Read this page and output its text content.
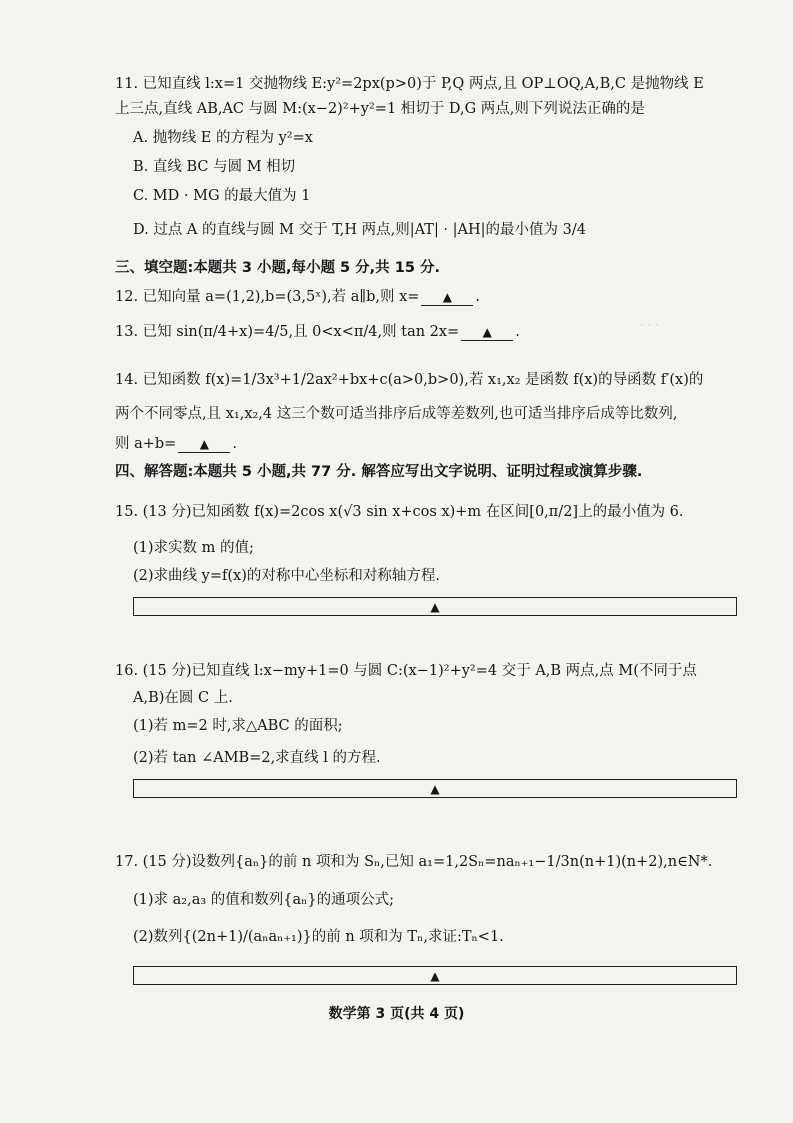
· · ·
11. 已知直线 l:x=1 交抛物线 E:y²=2px(p>0)于 P,Q 两点,且 OP⊥OQ,A,B,C 是抛物线 E
上三点,直线 AB,AC 与圆 M:(x−2)²+y²=1 相切于 D,G 两点,则下列说法正确的是
A. 抛物线 E 的方程为 y²=x
B. 直线 BC 与圆 M 相切
C. MD · MG 的最大值为 1
D. 过点 A 的直线与圆 M 交于 T,H 两点,则|AT| · |AH|的最小值为 3/4
三、填空题:本题共 3 小题,每小题 5 分,共 15 分.
12. 已知向量 a=(1,2),b=(3,5ˣ),若 a∥b,则 x= ▲ .
13. 已知 sin(π/4+x)=4/5,且 0<x<π/4,则 tan 2x= ▲ .
14. 已知函数 f(x)=1/3x³+1/2ax²+bx+c(a>0,b>0),若 x₁,x₂ 是函数 f(x)的导函数 f′(x)的
两个不同零点,且 x₁,x₂,4 这三个数可适当排序后成等差数列,也可适当排序后成等比数列,
则 a+b= ▲ .
四、解答题:本题共 5 小题,共 77 分. 解答应写出文字说明、证明过程或演算步骤.
15. (13 分)已知函数 f(x)=2cos x(√3 sin x+cos x)+m 在区间[0,π/2]上的最小值为 6.
(1)求实数 m 的值;
(2)求曲线 y=f(x)的对称中心坐标和对称轴方程.
▲
16. (15 分)已知直线 l:x−my+1=0 与圆 C:(x−1)²+y²=4 交于 A,B 两点,点 M(不同于点
A,B)在圆 C 上.
(1)若 m=2 时,求△ABC 的面积;
(2)若 tan ∠AMB=2,求直线 l 的方程.
▲
17. (15 分)设数列{aₙ}的前 n 项和为 Sₙ,已知 a₁=1,2Sₙ=naₙ₊₁−1/3n(n+1)(n+2),n∈N*.
(1)求 a₂,a₃ 的值和数列{aₙ}的通项公式;
(2)数列{(2n+1)/(aₙaₙ₊₁)}的前 n 项和为 Tₙ,求证:Tₙ<1.
▲
数学第 3 页(共 4 页)
